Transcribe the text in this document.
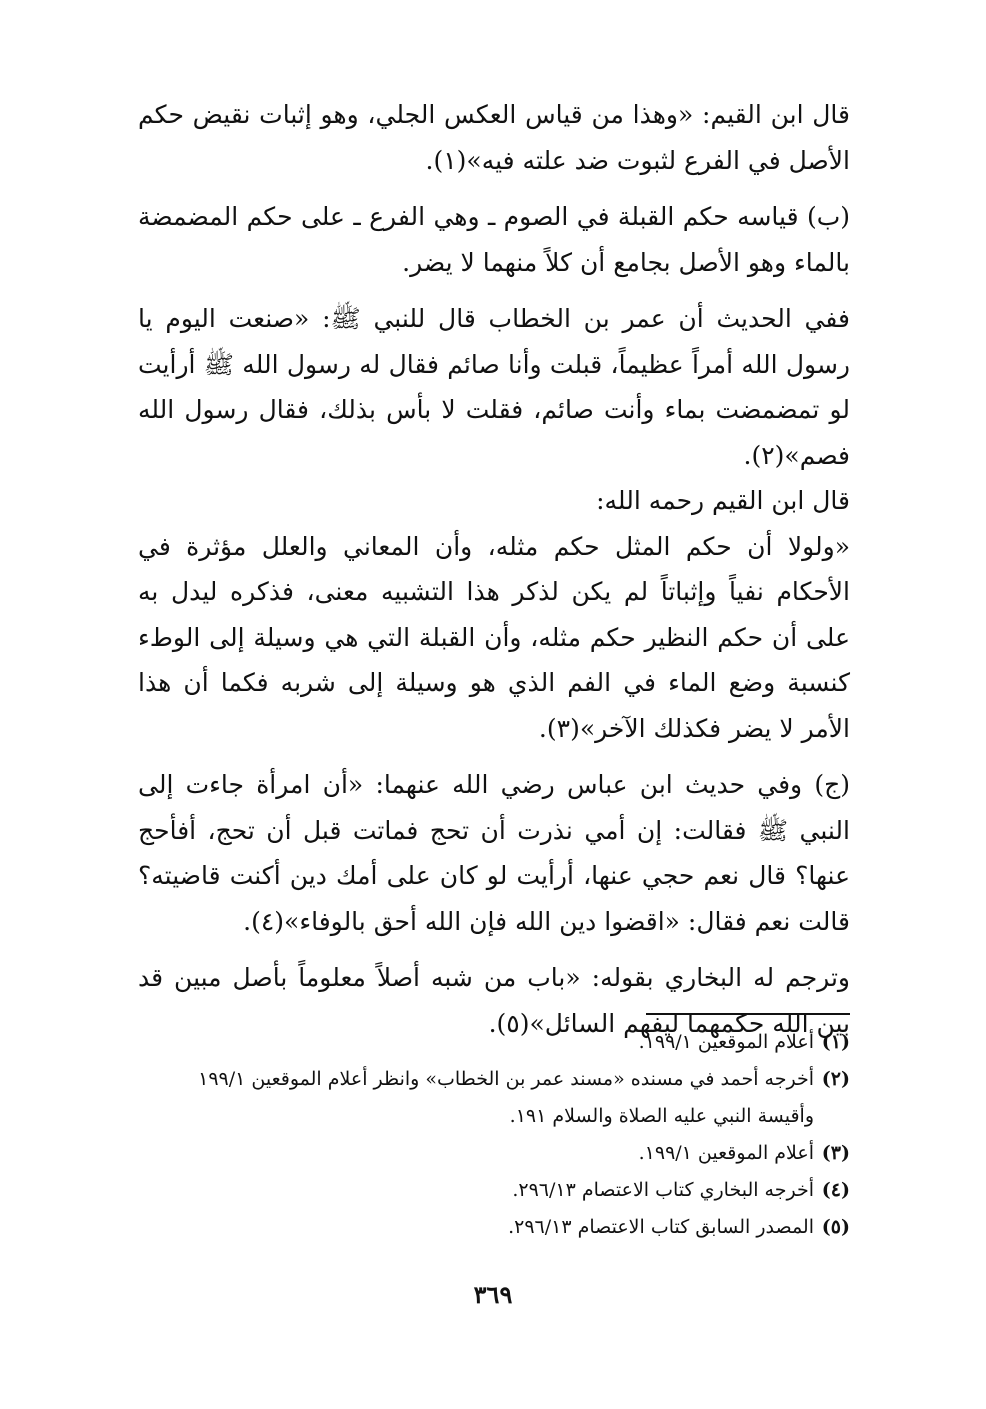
قال ابن القيم: «وهذا من قياس العكس الجلي، وهو إثبات نقيض حكم الأصل في الفرع لثبوت ضد علته فيه»(١).

(ب) قياسه حكم القبلة في الصوم ـ وهي الفرع ـ على حكم المضمضة بالماء وهو الأصل بجامع أن كلاً منهما لا يضر.

ففي الحديث أن عمر بن الخطاب قال للنبي ﷺ: «صنعت اليوم يا رسول الله أمراً عظيماً، قبلت وأنا صائم فقال له رسول الله ﷺ أرأيت لو تمضمضت بماء وأنت صائم، فقلت لا بأس بذلك، فقال رسول الله فصم»(٢).

قال ابن القيم رحمه الله:

«ولولا أن حكم المثل حكم مثله، وأن المعاني والعلل مؤثرة في الأحكام نفياً وإثباتاً لم يكن لذكر هذا التشبيه معنى، فذكره ليدل به على أن حكم النظير حكم مثله، وأن القبلة التي هي وسيلة إلى الوطء كنسبة وضع الماء في الفم الذي هو وسيلة إلى شربه فكما أن هذا الأمر لا يضر فكذلك الآخر»(٣).

(ج) وفي حديث ابن عباس رضي الله عنهما: «أن امرأة جاءت إلى النبي ﷺ فقالت: إن أمي نذرت أن تحج فماتت قبل أن تحج، أفأحج عنها؟ قال نعم حجي عنها، أرأيت لو كان على أمك دين أكنت قاضيته؟ قالت نعم فقال: «اقضوا دين الله فإن الله أحق بالوفاء»(٤).

وترجم له البخاري بقوله: «باب من شبه أصلاً معلوماً بأصل مبين قد بين الله حكمهما ليفهم السائل»(٥).

(١)
أعلام الموقعين ١٩٩/١.
(٢)
أخرجه أحمد في مسنده «مسند عمر بن الخطاب» وانظر أعلام الموقعين ١٩٩/١ وأقيسة النبي عليه الصلاة والسلام ١٩١.
(٣)
أعلام الموقعين ١٩٩/١.
(٤)
أخرجه البخاري كتاب الاعتصام ٢٩٦/١٣.
(٥)
المصدر السابق كتاب الاعتصام ٢٩٦/١٣.
٣٦٩
